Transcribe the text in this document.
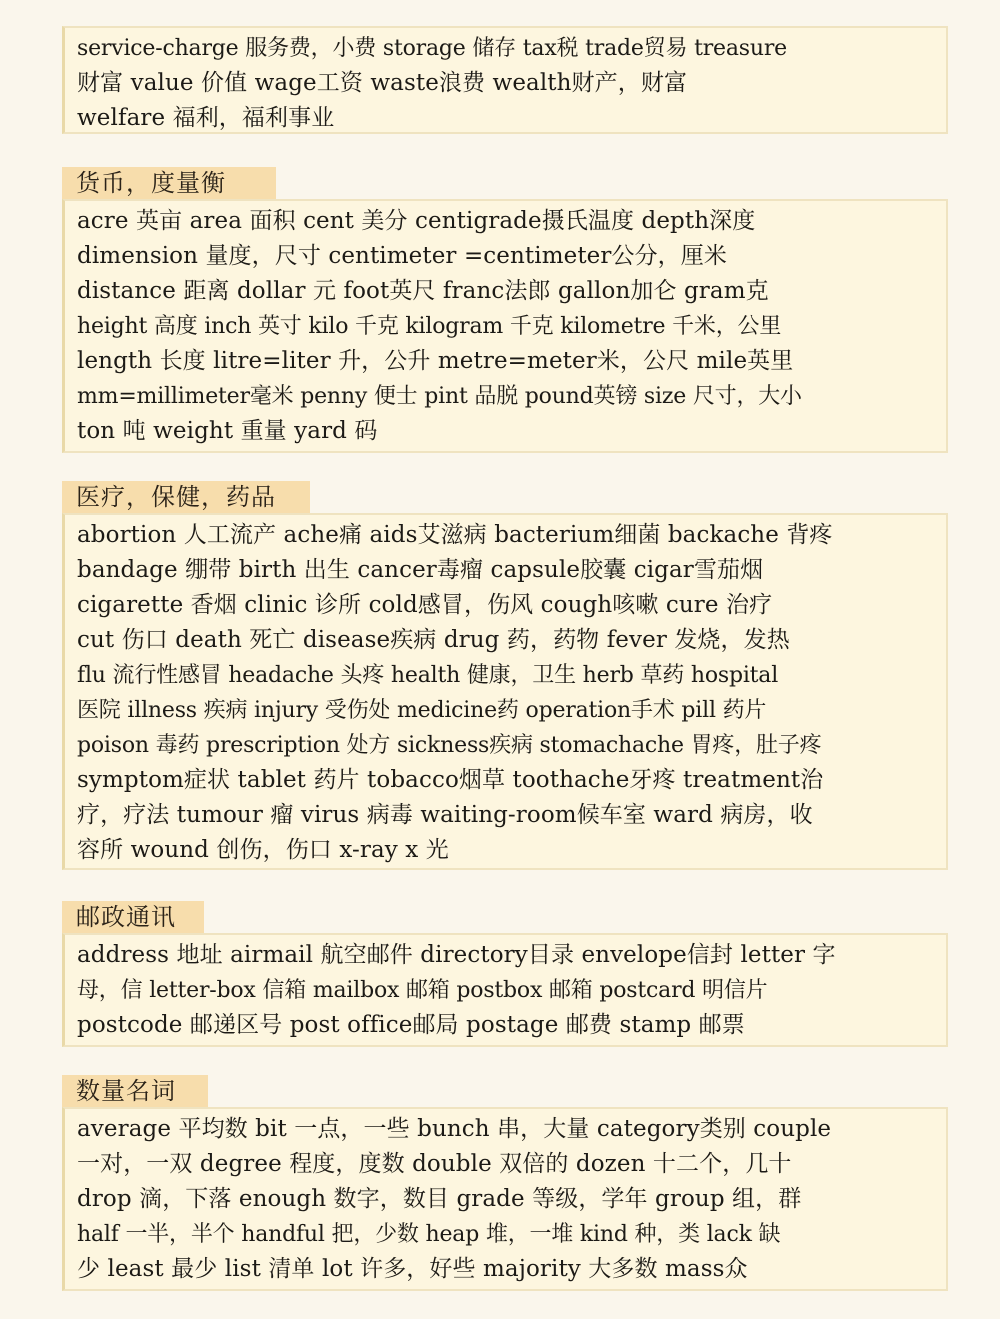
service-charge 服务费，小费 storage 储存 tax税 trade贸易 treasure
财富 value 价值 wage工资 waste浪费 wealth财产，财富
welfare 福利，福利事业
货币，度量衡
acre 英亩 area 面积 cent 美分 centigrade摄氏温度 depth深度
dimension 量度，尺寸 centimeter =centimeter公分，厘米
distance 距离 dollar 元 foot英尺 franc法郎 gallon加仑 gram克
height 高度 inch 英寸 kilo 千克 kilogram 千克 kilometre 千米，公里
length 长度 litre=liter 升，公升 metre=meter米，公尺 mile英里
mm=millimeter毫米 penny 便士 pint 品脱 pound英镑 size 尺寸，大小
ton 吨 weight 重量 yard 码
医疗，保健，药品
abortion 人工流产 ache痛 aids艾滋病 bacterium细菌 backache 背疼
bandage 绷带 birth 出生 cancer毒瘤 capsule胶囊 cigar雪茄烟
cigarette 香烟 clinic 诊所 cold感冒，伤风 cough咳嗽 cure 治疗
cut 伤口 death 死亡 disease疾病 drug 药，药物 fever 发烧，发热
flu 流行性感冒 headache 头疼 health 健康，卫生 herb 草药 hospital
医院 illness 疾病 injury 受伤处 medicine药 operation手术 pill 药片
poison 毒药 prescription 处方 sickness疾病 stomachache 胃疼，肚子疼
symptom症状 tablet 药片 tobacco烟草 toothache牙疼 treatment治
疗，疗法 tumour 瘤 virus 病毒 waiting-room候车室 ward 病房，收
容所 wound 创伤，伤口 x-ray x 光
邮政通讯
address 地址 airmail 航空邮件 directory目录 envelope信封 letter 字
母，信 letter-box 信箱 mailbox 邮箱 postbox 邮箱 postcard 明信片
postcode 邮递区号 post office邮局 postage 邮费 stamp 邮票
数量名词
average 平均数 bit 一点，一些 bunch 串，大量 category类别 couple
一对，一双 degree 程度，度数 double 双倍的 dozen 十二个，几十
drop 滴，下落 enough 数字，数目 grade 等级，学年 group 组，群
half 一半，半个 handful 把，少数 heap 堆，一堆 kind 种，类 lack 缺
少 least 最少 list 清单 lot 许多，好些 majority 大多数 mass众
